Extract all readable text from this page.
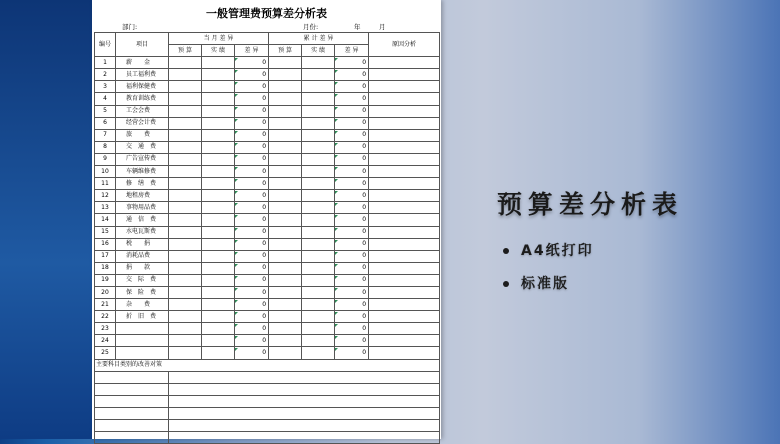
一般管理费预算差分析表
部门:	月份:	年	月
编号	项目	当 月 差 异			累 计 差 异			原因分析
		预 算	实 绩	差 异	预 算	实 绩	差 异	
1	薪　　金			0			0

2	员工福利费			0			0

3	福利保健费			0			0

4	教育训练费			0			0

5	工会会费			0			0

6	经营会计费			0			0

7	旅　　费			0			0

8	交　通　费			0			0

9	广告宣传费			0			0

10	车辆维修费			0			0

11	修　缮　费			0			0

12	地租房费			0			0

13	事物用品费			0			0

14	通　信　费			0			0

15	水电瓦斯费			0			0

16	税　　捐			0			0

17	消耗品费			0			0

18	捐　　款			0			0

19	交　际　费			0			0

20	保　险　费			0			0

21	杂　　费			0			0

22	折　旧　费			0			0

23				0			0

24				0			0

25				0			0

主要科目类别的改善对策								

预算差分析表
A4纸打印
标准版
